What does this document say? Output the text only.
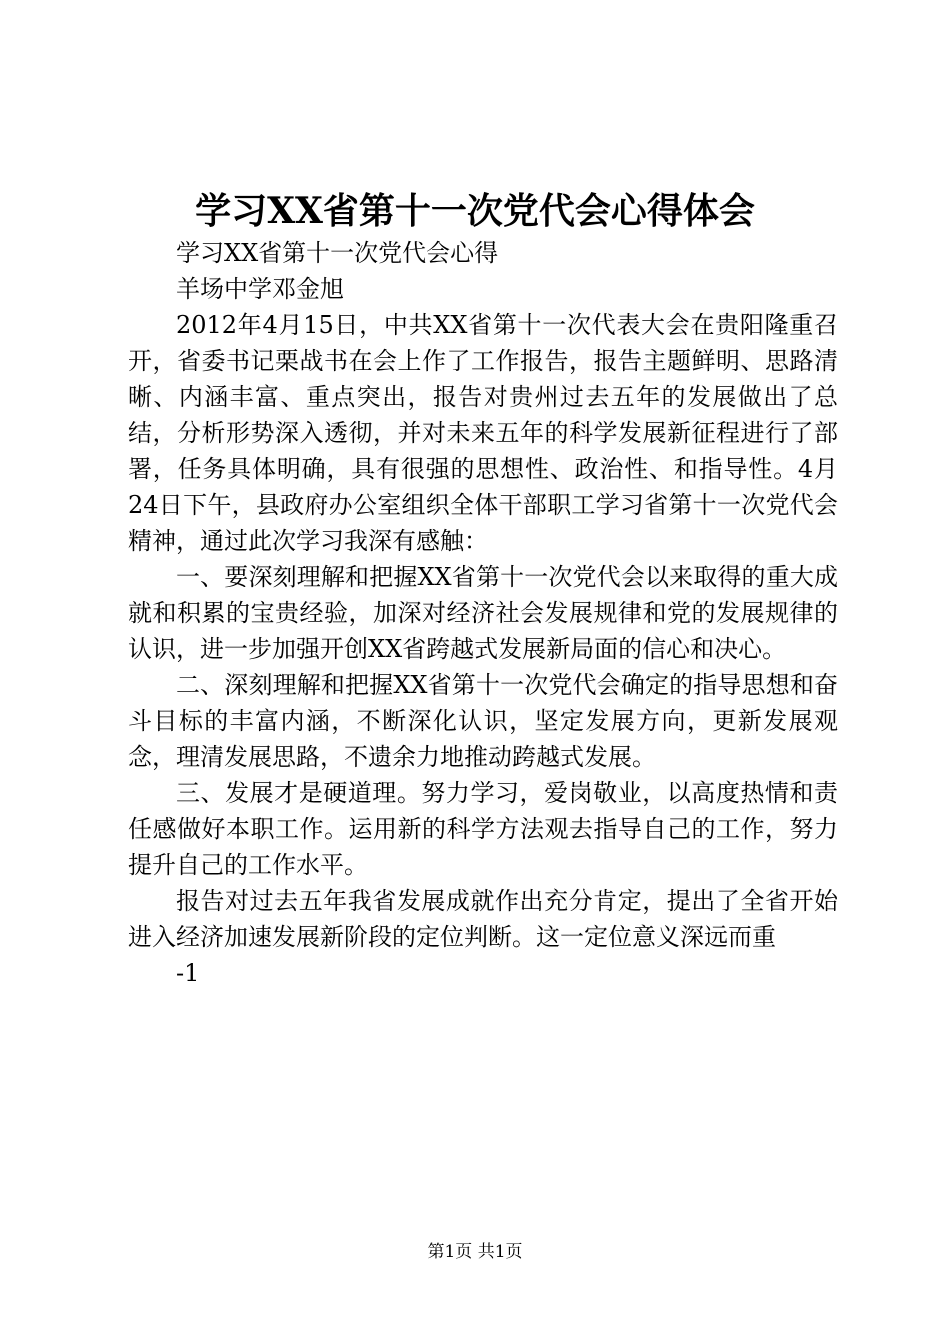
学习XX省第十一次党代会心得体会

学习XX省第十一次党代会心得

羊场中学邓金旭

2012年4月15日，中共XX省第十一次代表大会在贵阳隆重召开，省委书记栗战书在会上作了工作报告，报告主题鲜明、思路清晰、内涵丰富、重点突出，报告对贵州过去五年的发展做出了总结，分析形势深入透彻，并对未来五年的科学发展新征程进行了部署，任务具体明确，具有很强的思想性、政治性、和指导性。4月24日下午，县政府办公室组织全体干部职工学习省第十一次党代会精神，通过此次学习我深有感触：

一、要深刻理解和把握XX省第十一次党代会以来取得的重大成就和积累的宝贵经验，加深对经济社会发展规律和党的发展规律的认识，进一步加强开创XX省跨越式发展新局面的信心和决心。

二、深刻理解和把握XX省第十一次党代会确定的指导思想和奋斗目标的丰富内涵，不断深化认识，坚定发展方向，更新发展观念，理清发展思路，不遗余力地推动跨越式发展。

三、发展才是硬道理。努力学习，爱岗敬业，以高度热情和责任感做好本职工作。运用新的科学方法观去指导自己的工作，努力提升自己的工作水平。

报告对过去五年我省发展成就作出充分肯定，提出了全省开始进入经济加速发展新阶段的定位判断。这一定位意义深远而重

-1

第1页 共1页
